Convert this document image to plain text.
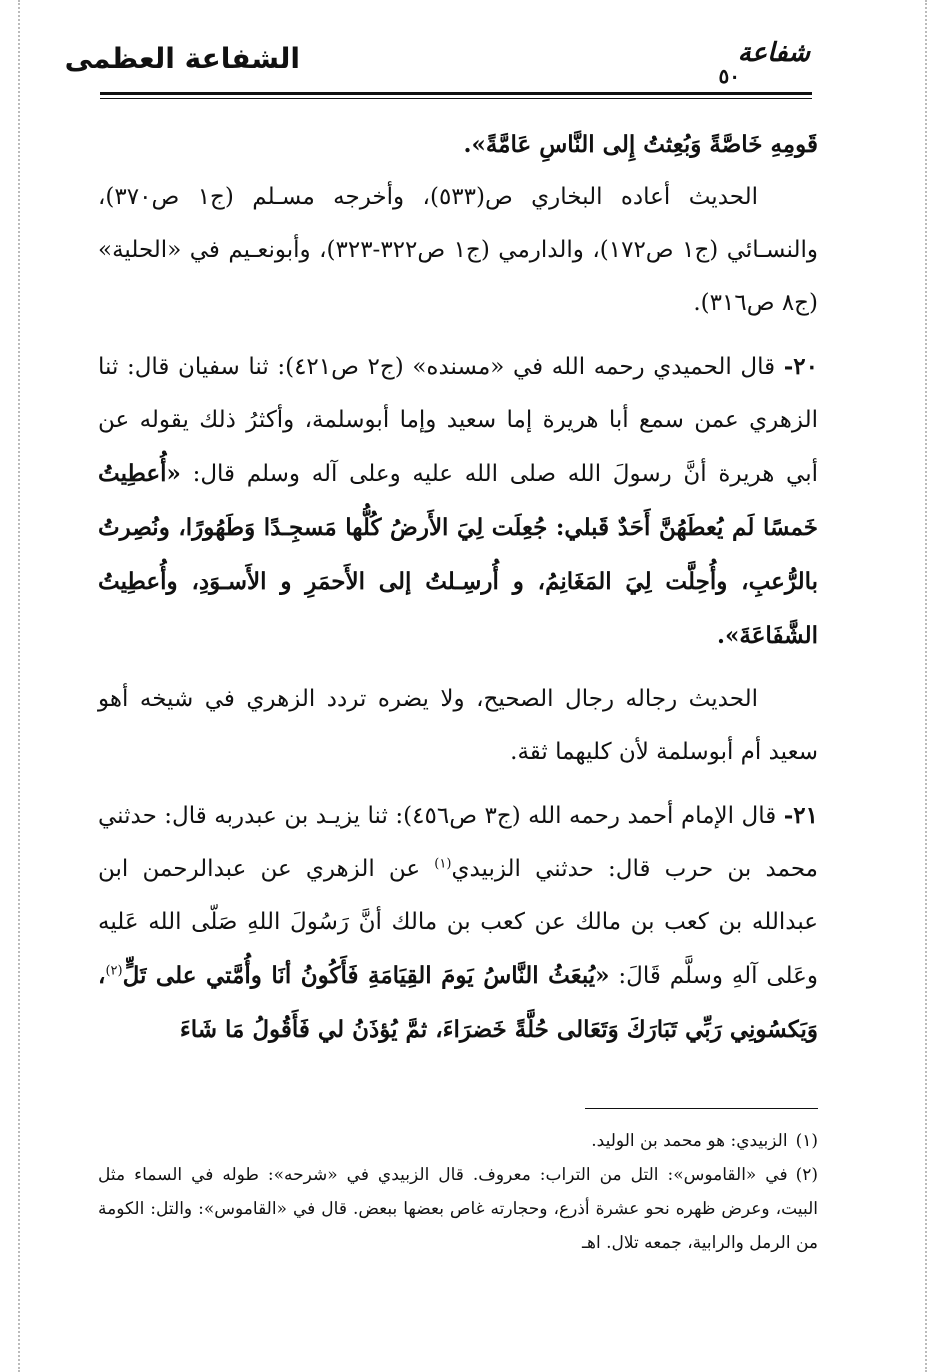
شفاعة
٥٠
الشفاعة العظمى

قَومِهِ خَاصَّةً وَبُعِثتُ إِلى النَّاسِ عَامَّةً».

الحديث أعاده البخاري ص(٥٣٣)، وأخرجه مسـلم (ج١ ص٣٧٠)، والنسـائي (ج١ ص١٧٢)، والدارمي (ج١ ص٣٢٢-٣٢٣)، وأبونعـيم في «الحلية» (ج٨ ص٣١٦).

٢٠- قال الحميدي رحمه الله في «مسنده» (ج٢ ص٤٢١): ثنا سفيان قال: ثنا الزهري عمن سمع أبا هريرة إما سعيد وإما أبوسلمة، وأكثرُ ذلك يقوله عن أبي هريرة أنَّ رسولَ الله صلى الله عليه وعلى آله وسلم قال: «أُعطِيتُ خَمسًا لَم يُعطَهُنَّ أَحَدٌ قَبلي: جُعِلَت لِيَ الأَرضُ كُلُّها مَسجِـدًا وَطَهُورًا، ونُصِرتُ بالرُّعبِ، وأُحِلَّت لِيَ المَغَانِمُ، و أُرسِـلتُ إلى الأَحمَرِ و الأَسـوَدِ، وأُعطِيتُ الشَّفَاعَةَ».

الحديث رجاله رجال الصحيح، ولا يضره تردد الزهري في شيخه أهو سعيد أم أبوسلمة لأن كليهما ثقة.

٢١- قال الإمام أحمد رحمه الله (ج٣ ص٤٥٦): ثنا يزيـد بن عبدربه قال: حدثني محمد بن حرب قال: حدثني الزبيدي$^{(١)}$ عن الزهري عن عبدالرحمن ابن عبدالله بن كعب بن مالك عن كعب بن مالك أنَّ رَسُولَ اللهِ صَلّى الله عَليه وعَلى آلهِ وسلَّم قَالَ: «يُبعَثُ النَّاسُ يَومَ القِيَامَةِ فَأَكُونُ أنَا وأُمَّتي على تَلٍّ$^{(٢)}$، وَيَكسُونِي رَبِّي تَبَارَكَ وَتَعَالى حُلَّةً خَضرَاءَ، ثمَّ يُؤذَنُ لي فَأَقُولُ مَا شَاءَ

(١)الزبيدي: هو محمد بن الوليد.

(٢)في «القاموس»: التل من التراب: معروف. قال الزبيدي في «شرحه»: طوله في السماء مثل البيت، وعرض ظهره نحو عشرة أذرع، وحجارته غاص بعضها ببعض. قال في «القاموس»: والتل: الكومة من الرمل والرابية، جمعه تلال. اهـ
